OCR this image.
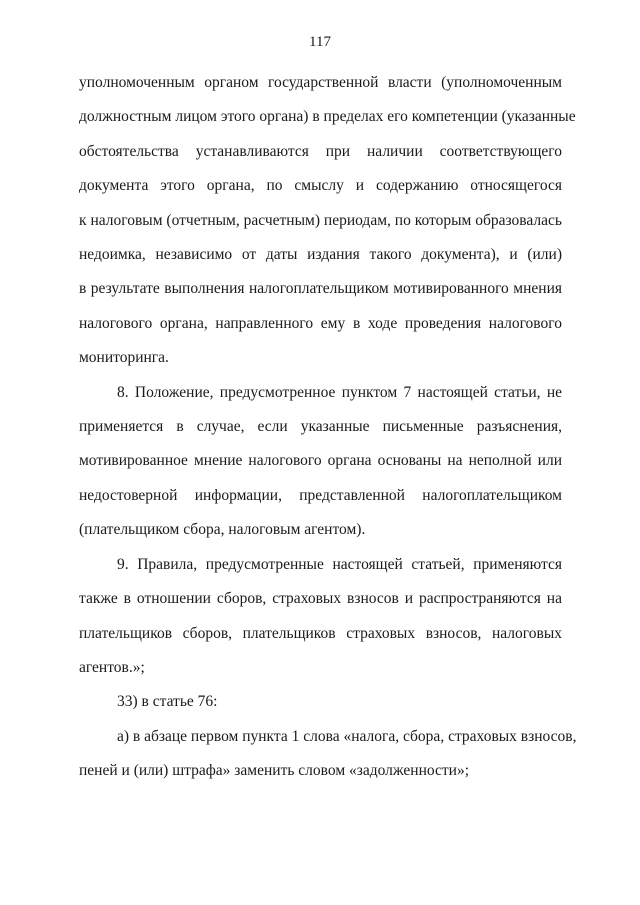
117

уполномоченным органом государственной власти (уполномоченным
должностным лицом этого органа) в пределах его компетенции (указанные
обстоятельства устанавливаются при наличии соответствующего
документа этого органа, по смыслу и содержанию относящегося
к налоговым (отчетным, расчетным) периодам, по которым образовалась
недоимка, независимо от даты издания такого документа), и (или)
в результате выполнения налогоплательщиком мотивированного мнения
налогового органа, направленного ему в ходе проведения налогового
мониторинга.

8. Положение, предусмотренное пунктом 7 настоящей статьи, не
применяется в случае, если указанные письменные разъяснения,
мотивированное мнение налогового органа основаны на неполной или
недостоверной информации, представленной налогоплательщиком
(плательщиком сбора, налоговым агентом).

9. Правила, предусмотренные настоящей статьей, применяются
также в отношении сборов, страховых взносов и распространяются на
плательщиков сборов, плательщиков страховых взносов, налоговых
агентов.»;

33) в статье 76:

а) в абзаце первом пункта 1 слова «налога, сбора, страховых взносов,
пеней и (или) штрафа» заменить словом «задолженности»;
